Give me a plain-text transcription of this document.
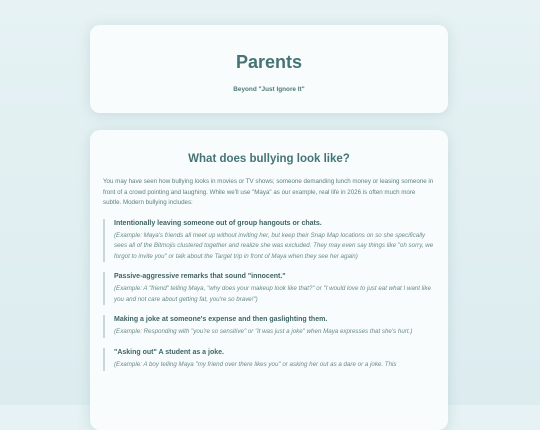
Parents
Beyond "Just Ignore It"
What does bullying look like?

You may have seen how bullying looks in movies or TV shows; someone demanding lunch money or leasing someone in front of a crowd pointing and laughing. While we'll use "Maya" as our example, real life in 2026 is often much more subtle. Modern bullying includes:

Intentionally leaving someone out of group hangouts or chats.
(Example: Maya's friends all meet up without inviting her, but keep their Snap Map locations on so she specifically sees all of the Bitmojis clustered together and realize she was excluded. They may even say things like "oh sorry, we forgot to invite you" or talk about the Target trip in front of Maya when they see her again)
Passive-aggressive remarks that sound "innocent."
(Example: A "friend" telling Maya, "why does your makeup look like that?" or "I would love to just eat what I want like you and not care about getting fat, you're so brave!")
Making a joke at someone's expense and then gaslighting them.
(Example: Responding with "you're so sensitive" or "it was just a joke" when Maya expresses that she's hurt.)
"Asking out" A student as a joke.
(Example: A boy telling Maya "my friend over there likes you" or asking her out as a dare or a joke. This
